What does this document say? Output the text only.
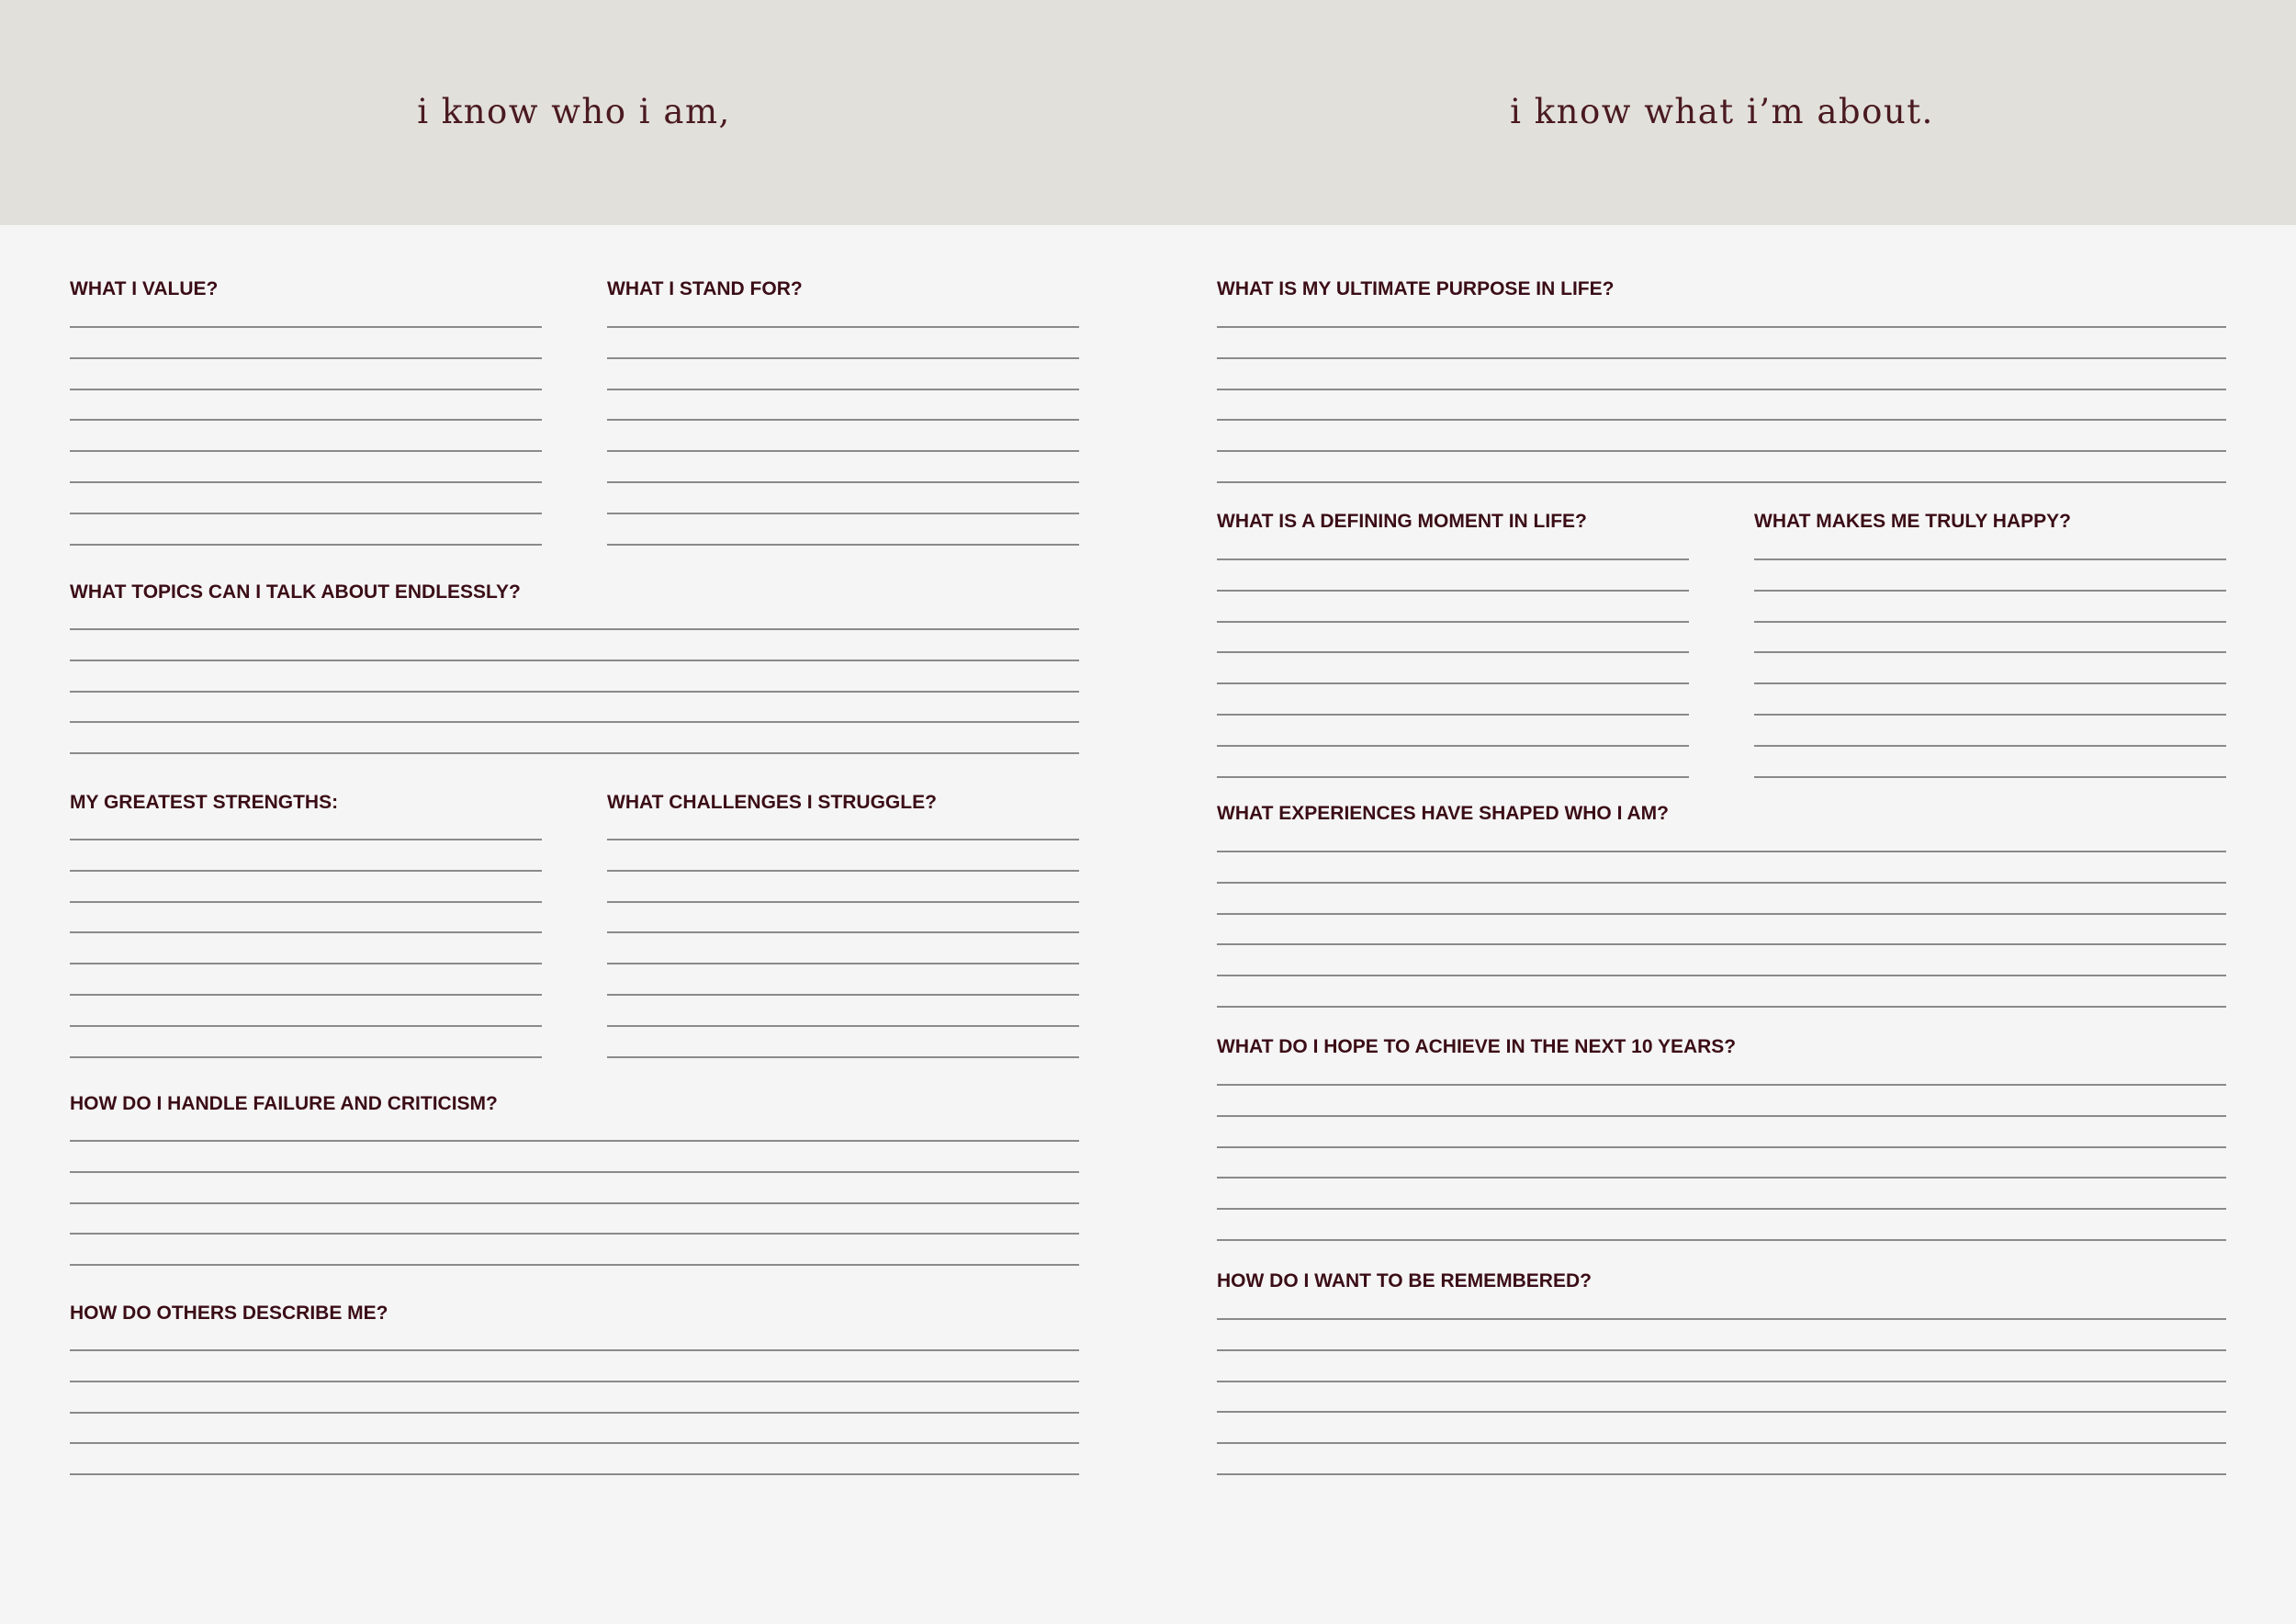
i know who i am,	i know what i’m about.
WHAT I VALUE?	WHAT I STAND FOR?
WHAT TOPICS CAN I TALK ABOUT ENDLESSLY?
MY GREATEST STRENGTHS:	WHAT CHALLENGES I STRUGGLE?
HOW DO I HANDLE FAILURE AND CRITICISM?
HOW DO OTHERS DESCRIBE ME?
WHAT IS MY ULTIMATE PURPOSE IN LIFE?
WHAT IS A DEFINING MOMENT IN LIFE?	WHAT MAKES ME TRULY HAPPY?
WHAT EXPERIENCES HAVE SHAPED WHO I AM?
WHAT DO I HOPE TO ACHIEVE IN THE NEXT 10 YEARS?
HOW DO I WANT TO BE REMEMBERED?
